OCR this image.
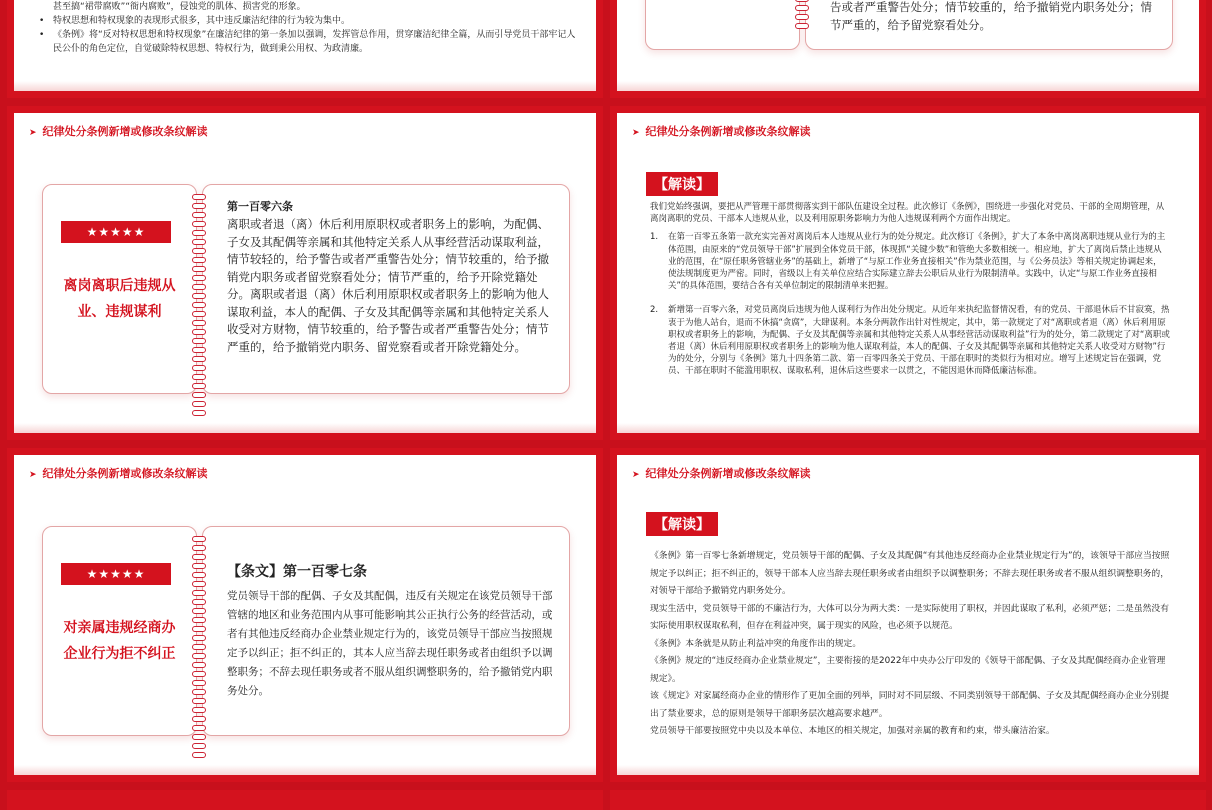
甚至搞“裙带腐败”“衙内腐败”，侵蚀党的肌体、损害党的形象。
• 特权思想和特权现象的表现形式很多，其中违反廉洁纪律的行为较为集中。
• 《条例》将“反对特权思想和特权现象”在廉洁纪律的第一条加以强调，发挥管总作用，贯穿廉洁纪律全篇，从而引导党员干部牢记人民公仆的角色定位，自觉破除特权思想、特权行为，做到秉公用权、为政清廉。
告或者严重警告处分；情节较重的，给予撤销党内职务处分；情节严重的，给予留党察看处分。
➤ 纪律处分条例新增或修改条纹解读
★★★★★
离岗离职后违规从业、违规谋利
第一百零六条
离职或者退（离）休后利用原职权或者职务上的影响，为配偶、子女及其配偶等亲属和其他特定关系人从事经营活动谋取利益，情节较轻的，给予警告或者严重警告处分；情节较重的，给予撤销党内职务或者留党察看处分；情节严重的，给予开除党籍处分。离职或者退（离）休后利用原职权或者职务上的影响为他人谋取利益，本人的配偶、子女及其配偶等亲属和其他特定关系人收受对方财物，情节较重的，给予警告或者严重警告处分；情节严重的，给予撤销党内职务、留党察看或者开除党籍处分。
➤ 纪律处分条例新增或修改条纹解读
【解读】
我们党始终强调，要把从严管理干部贯彻落实到干部队伍建设全过程。此次修订《条例》，围绕进一步强化对党员、干部的全周期管理，从离岗离职的党员、干部本人违规从业，以及利用原职务影响力为他人违规谋利两个方面作出规定。
1. 在第一百零五条第一款充实完善对离岗后本人违规从业行为的处分规定。此次修订《条例》，扩大了本条中离岗离职违规从业行为的主体范围，由原来的“党员领导干部”扩展到全体党员干部，体现抓“关键少数”和管绝大多数相统一。相应地，扩大了离岗后禁止违规从业的范围，在“原任职务管辖业务”的基础上，新增了“与原工作业务直接相关”作为禁业范围，与《公务员法》等相关规定协调起来，使法规制度更为严密。同时，省级以上有关单位应结合实际建立辞去公职后从业行为限制清单。实践中，认定“与原工作业务直接相关”的具体范围，要结合各有关单位制定的限制清单来把握。
2. 新增第一百零六条，对党员离岗后违规为他人谋利行为作出处分规定。从近年来执纪监督情况看，有的党员、干部退休后不甘寂寞，热衷于为他人站台，退而不休搞“贪腐”，大肆谋利。本条分两款作出针对性规定，其中，第一款规定了对“离职或者退（离）休后利用原职权或者职务上的影响，为配偶、子女及其配偶等亲属和其他特定关系人从事经营活动谋取利益”行为的处分，第二款规定了对“离职或者退（离）休后利用原职权或者职务上的影响为他人谋取利益，本人的配偶、子女及其配偶等亲属和其他特定关系人收受对方财物”行为的处分，分别与《条例》第九十四条第二款、第一百零四条关于党员、干部在职时的类似行为相对应。增写上述规定旨在强调，党员、干部在职时不能滥用职权、谋取私利，退休后这些要求一以贯之，不能因退休而降低廉洁标准。
➤ 纪律处分条例新增或修改条纹解读
★★★★★
对亲属违规经商办企业行为拒不纠正
【条文】第一百零七条
党员领导干部的配偶、子女及其配偶，违反有关规定在该党员领导干部管辖的地区和业务范围内从事可能影响其公正执行公务的经营活动，或者有其他违反经商办企业禁业规定行为的，该党员领导干部应当按照规定予以纠正；拒不纠正的，其本人应当辞去现任职务或者由组织予以调整职务；不辞去现任职务或者不服从组织调整职务的，给予撤销党内职务处分。
➤ 纪律处分条例新增或修改条纹解读
【解读】

《条例》第一百零七条新增规定，党员领导干部的配偶、子女及其配偶“有其他违反经商办企业禁业规定行为”的，该领导干部应当按照规定予以纠正；拒不纠正的，领导干部本人应当辞去现任职务或者由组织予以调整职务；不辞去现任职务或者不服从组织调整职务的，对领导干部给予撤销党内职务处分。

现实生活中，党员领导干部的不廉洁行为，大体可以分为两大类：一是实际使用了职权，并因此谋取了私利，必须严惩；二是虽然没有实际使用职权谋取私利，但存在利益冲突，属于现实的风险，也必须予以规范。

《条例》本条就是从防止利益冲突的角度作出的规定。

《条例》规定的“违反经商办企业禁业规定”，主要衔接的是2022年中央办公厅印发的《领导干部配偶、子女及其配偶经商办企业管理规定》。

该《规定》对家属经商办企业的情形作了更加全面的列举，同时对不同层级、不同类别领导干部配偶、子女及其配偶经商办企业分别提出了禁业要求，总的原则是领导干部职务层次越高要求越严。

党员领导干部要按照党中央以及本单位、本地区的相关规定，加强对亲属的教育和约束，带头廉洁治家。
